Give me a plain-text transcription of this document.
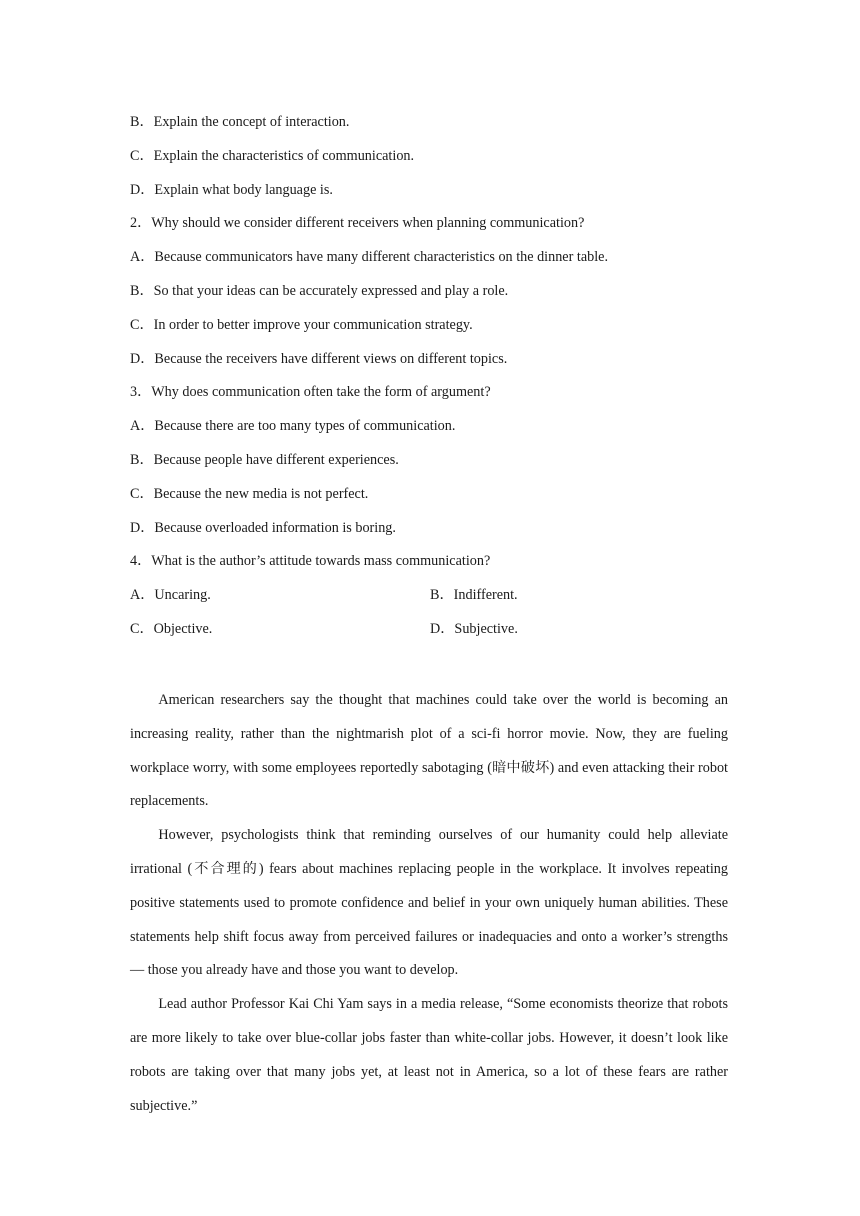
B．Explain the concept of interaction.
C．Explain the characteristics of communication.
D．Explain what body language is.
2．Why should we consider different receivers when planning communication?
A．Because communicators have many different characteristics on the dinner table.
B．So that your ideas can be accurately expressed and play a role.
C．In order to better improve your communication strategy.
D．Because the receivers have different views on different topics.
3．Why does communication often take the form of argument?
A．Because there are too many types of communication.
B．Because people have different experiences.
C．Because the new media is not perfect.
D．Because overloaded information is boring.
4．What is the author’s attitude towards mass communication?
A．Uncaring.	B．Indifferent.
C．Objective.	D．Subjective.

American researchers say the thought that machines could take over the world is becoming an increasing reality, rather than the nightmarish plot of a sci-fi horror movie. Now, they are fueling workplace worry, with some employees reportedly sabotaging (暗中破坏) and even attacking their robot replacements.

However, psychologists think that reminding ourselves of our humanity could help alleviate irrational (不合理的) fears about machines replacing people in the workplace. It involves repeating positive statements used to promote confidence and belief in your own uniquely human abilities. These statements help shift focus away from perceived failures or inadequacies and onto a worker’s strengths — those you already have and those you want to develop.

Lead author Professor Kai Chi Yam says in a media release, “Some economists theorize that robots are more likely to take over blue-collar jobs faster than white-collar jobs. However, it doesn’t look like robots are taking over that many jobs yet, at least not in America, so a lot of these fears are rather subjective.”
